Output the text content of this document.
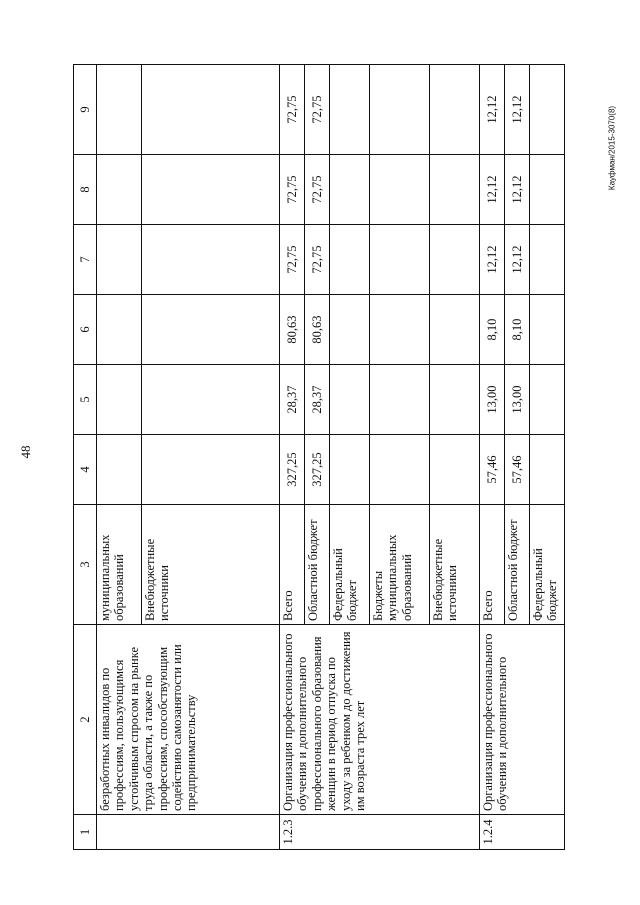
48
Кауфман/2015-3070(8)
1	2	3	4	5	6	7	8	9
	безработных инвалидов по профессиям, пользующимся устойчивым спросом на рынке труда области, а также по профессиям, способствующим содействию самозанятости или предпринимательству	муниципальных образований						
		Внебюджетные источники						
1.2.3	Организация профессионального обучения и дополнительного профессионального образования женщин в период отпуска по уходу за ребенком до достижения им возраста трех лет	Всего	327,25	28,37	80,63	72,75	72,75	72,75
		Областной бюджет	327,25	28,37	80,63	72,75	72,75	72,75
		Федеральный бюджет						
		Бюджеты муниципальных образований						
		Внебюджетные источники						
1.2.4	Организация профессионального обучения и дополнительного	Всего	57,46	13,00	8,10	12,12	12,12	12,12
		Областной бюджет	57,46	13,00	8,10	12,12	12,12	12,12
		Федеральный бюджет						
